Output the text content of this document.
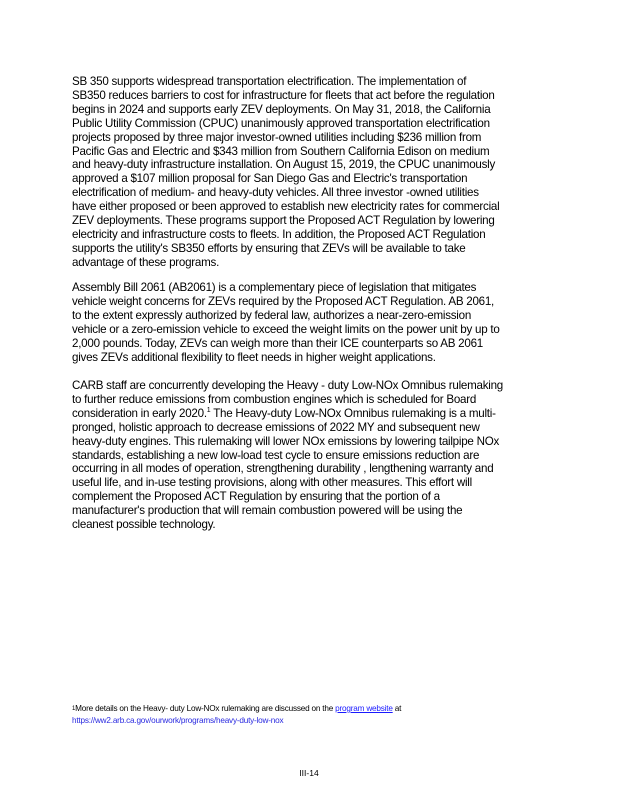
SB 350 supports widespread transportation electrification. The implementation of
SB350 reduces barriers to cost for infrastructure for fleets that act before the regulation
begins in 2024 and supports early ZEV deployments. On May 31, 2018, the California
Public Utility Commission (CPUC) unanimously approved transportation electrification
projects proposed by three major investor-owned utilities including $236 million from
Pacific Gas and Electric and $343 million from Southern California Edison on medium
and heavy-duty infrastructure installation. On August 15, 2019, the CPUC unanimously
approved a $107 million proposal for San Diego Gas and Electric's transportation
electrification of medium- and heavy-duty vehicles. All three investor -owned utilities
have either proposed or been approved to establish new electricity rates for commercial
ZEV deployments. These programs support the Proposed ACT Regulation by lowering
electricity and infrastructure costs to fleets. In addition, the Proposed ACT Regulation
supports the utility's SB350 efforts by ensuring that ZEVs will be available to take
advantage of these programs.
Assembly Bill 2061 (AB2061) is a complementary piece of legislation that mitigates
vehicle weight concerns for ZEVs required by the Proposed ACT Regulation. AB 2061,
to the extent expressly authorized by federal law, authorizes a near-zero-emission
vehicle or a zero-emission vehicle to exceed the weight limits on the power unit by up to
2,000 pounds. Today, ZEVs can weigh more than their ICE counterparts so AB 2061
gives ZEVs additional flexibility to fleet needs in higher weight applications.
CARB staff are concurrently developing the Heavy - duty Low-NOx Omnibus rulemaking
to further reduce emissions from combustion engines which is scheduled for Board
consideration in early 2020.$^1$ The Heavy-duty Low-NOx Omnibus rulemaking is a multi-
pronged, holistic approach to decrease emissions of 2022 MY and subsequent new
heavy-duty engines. This rulemaking will lower NOx emissions by lowering tailpipe NOx
standards, establishing a new low-load test cycle to ensure emissions reduction are
occurring in all modes of operation, strengthening durability , lengthening warranty and
useful life, and in-use testing provisions, along with other measures. This effort will
complement the Proposed ACT Regulation by ensuring that the portion of a
manufacturer's production that will remain combustion powered will be using the
cleanest possible technology.
$^1$More details on the Heavy- duty Low-NOx rulemaking are discussed on the program website at
https://ww2.arb.ca.gov/ourwork/programs/heavy-duty-low-nox
III-14
